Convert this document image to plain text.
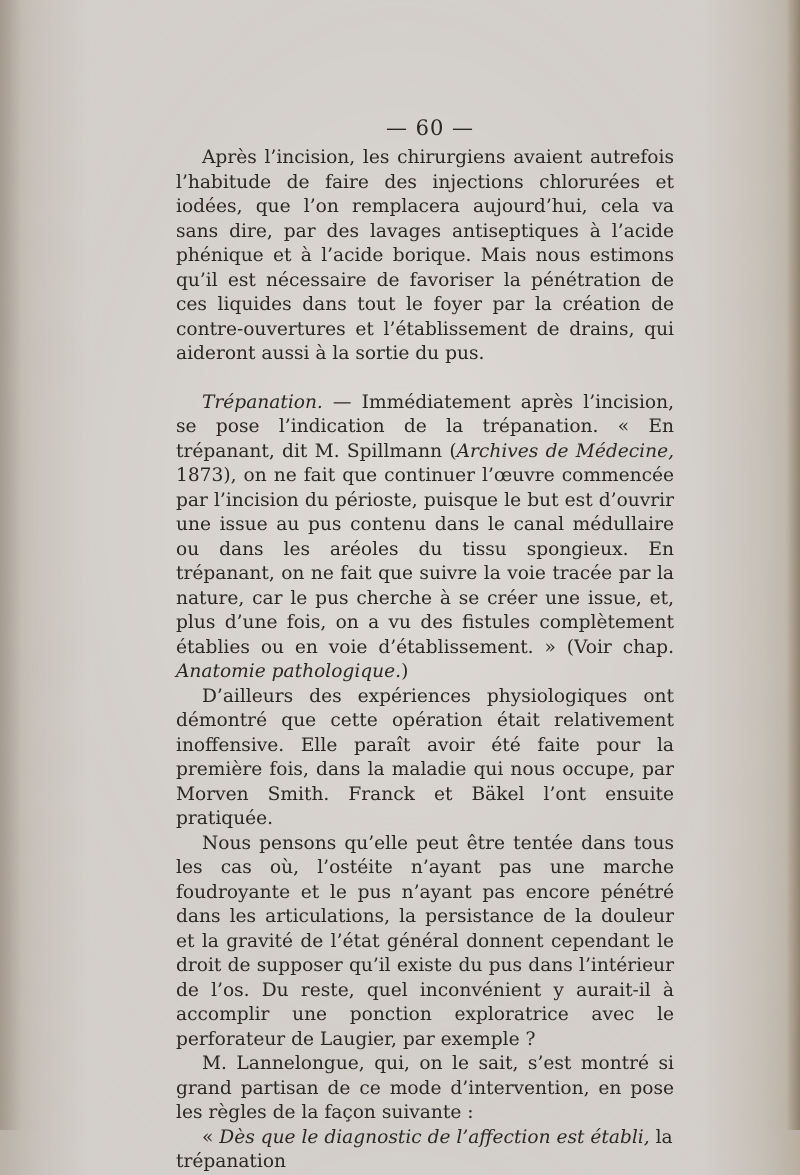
— 60 —

Après l’incision, les chirurgiens avaient autrefois l’habitude de faire des injections chlorurées et iodées, que l’on remplacera aujourd’hui, cela va sans dire, par des lavages antiseptiques à l’acide phénique et à l’acide borique. Mais nous estimons qu’il est nécessaire de favoriser la pénétration de ces liquides dans tout le foyer par la création de contre-ouvertures et l’établissement de drains, qui aideront aussi à la sortie du pus.

Trépanation. — Immédiatement après l’incision, se pose l’indication de la trépanation. « En trépanant, dit M. Spillmann (Archives de Médecine, 1873), on ne fait que continuer l’œuvre commencée par l’incision du périoste, puisque le but est d’ouvrir une issue au pus contenu dans le canal médullaire ou dans les aréoles du tissu spongieux. En trépanant, on ne fait que suivre la voie tracée par la nature, car le pus cherche à se créer une issue, et, plus d’une fois, on a vu des fistules complètement établies ou en voie d’établissement. » (Voir chap. Anatomie pathologique.)

D’ailleurs des expériences physiologiques ont démontré que cette opération était relativement inoffensive. Elle paraît avoir été faite pour la première fois, dans la maladie qui nous occupe, par Morven Smith. Franck et Bäkel l’ont ensuite pratiquée.

Nous pensons qu’elle peut être tentée dans tous les cas où, l’ostéite n’ayant pas une marche foudroyante et le pus n’ayant pas encore pénétré dans les articulations, la persistance de la douleur et la gravité de l’état général donnent cependant le droit de supposer qu’il existe du pus dans l’intérieur de l’os. Du reste, quel inconvénient y aurait-il à accomplir une ponction exploratrice avec le perforateur de Laugier, par exemple ?

M. Lannelongue, qui, on le sait, s’est montré si grand partisan de ce mode d’intervention, en pose les règles de la façon suivante :

« Dès que le diagnostic de l’affection est établi, la trépanation
